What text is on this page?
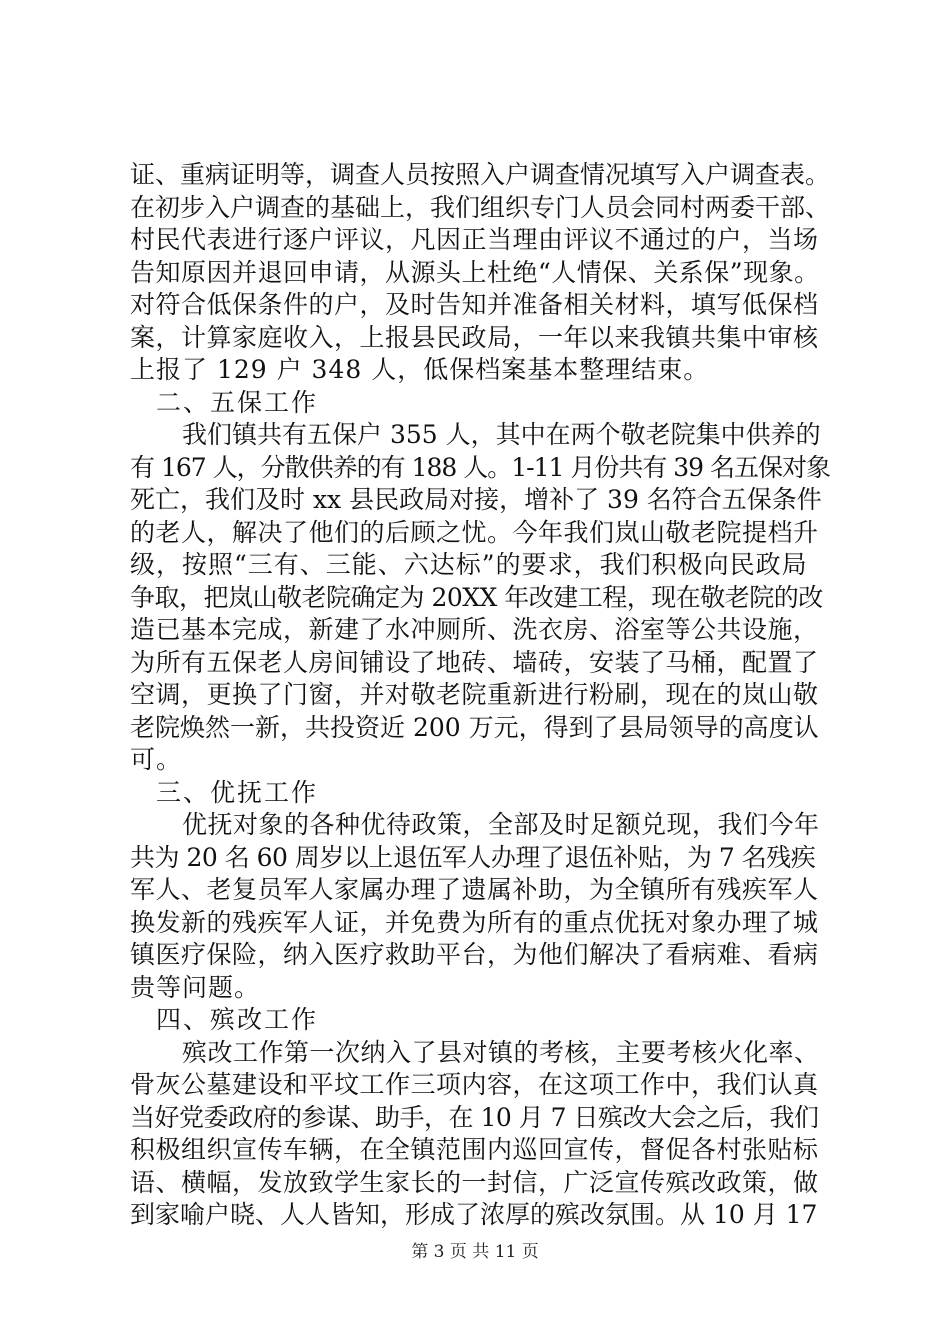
证、重病证明等，调查人员按照入户调查情况填写入户调查表。
在初步入户调查的基础上，我们组织专门人员会同村两委干部、
村民代表进行逐户评议，凡因正当理由评议不通过的户，当场
告知原因并退回申请，从源头上杜绝“人情保、关系保”现象。
对符合低保条件的户，及时告知并准备相关材料，填写低保档
案，计算家庭收入，上报县民政局，一年以来我镇共集中审核
上报了 129 户 348 人，低保档案基本整理结束。
二、五保工作
我们镇共有五保户 355 人，其中在两个敬老院集中供养的
有 167 人，分散供养的有 188 人。1-11 月份共有 39 名五保对象
死亡，我们及时 xx 县民政局对接，增补了 39 名符合五保条件
的老人，解决了他们的后顾之忧。今年我们岚山敬老院提档升
级，按照“三有、三能、六达标”的要求，我们积极向民政局
争取，把岚山敬老院确定为 20XX 年改建工程，现在敬老院的改
造已基本完成，新建了水冲厕所、洗衣房、浴室等公共设施，
为所有五保老人房间铺设了地砖、墙砖，安装了马桶，配置了
空调，更换了门窗，并对敬老院重新进行粉刷，现在的岚山敬
老院焕然一新，共投资近 200 万元，得到了县局领导的高度认
可。
三、优抚工作
优抚对象的各种优待政策，全部及时足额兑现，我们今年
共为 20 名 60 周岁以上退伍军人办理了退伍补贴，为 7 名残疾
军人、老复员军人家属办理了遗属补助，为全镇所有残疾军人
换发新的残疾军人证，并免费为所有的重点优抚对象办理了城
镇医疗保险，纳入医疗救助平台，为他们解决了看病难、看病
贵等问题。
四、殡改工作
殡改工作第一次纳入了县对镇的考核，主要考核火化率、
骨灰公墓建设和平坟工作三项内容，在这项工作中，我们认真
当好党委政府的参谋、助手，在 10 月 7 日殡改大会之后，我们
积极组织宣传车辆，在全镇范围内巡回宣传，督促各村张贴标
语、横幅，发放致学生家长的一封信，广泛宣传殡改政策，做
到家喻户晓、人人皆知，形成了浓厚的殡改氛围。从 10 月 17
第 3 页 共 11 页
